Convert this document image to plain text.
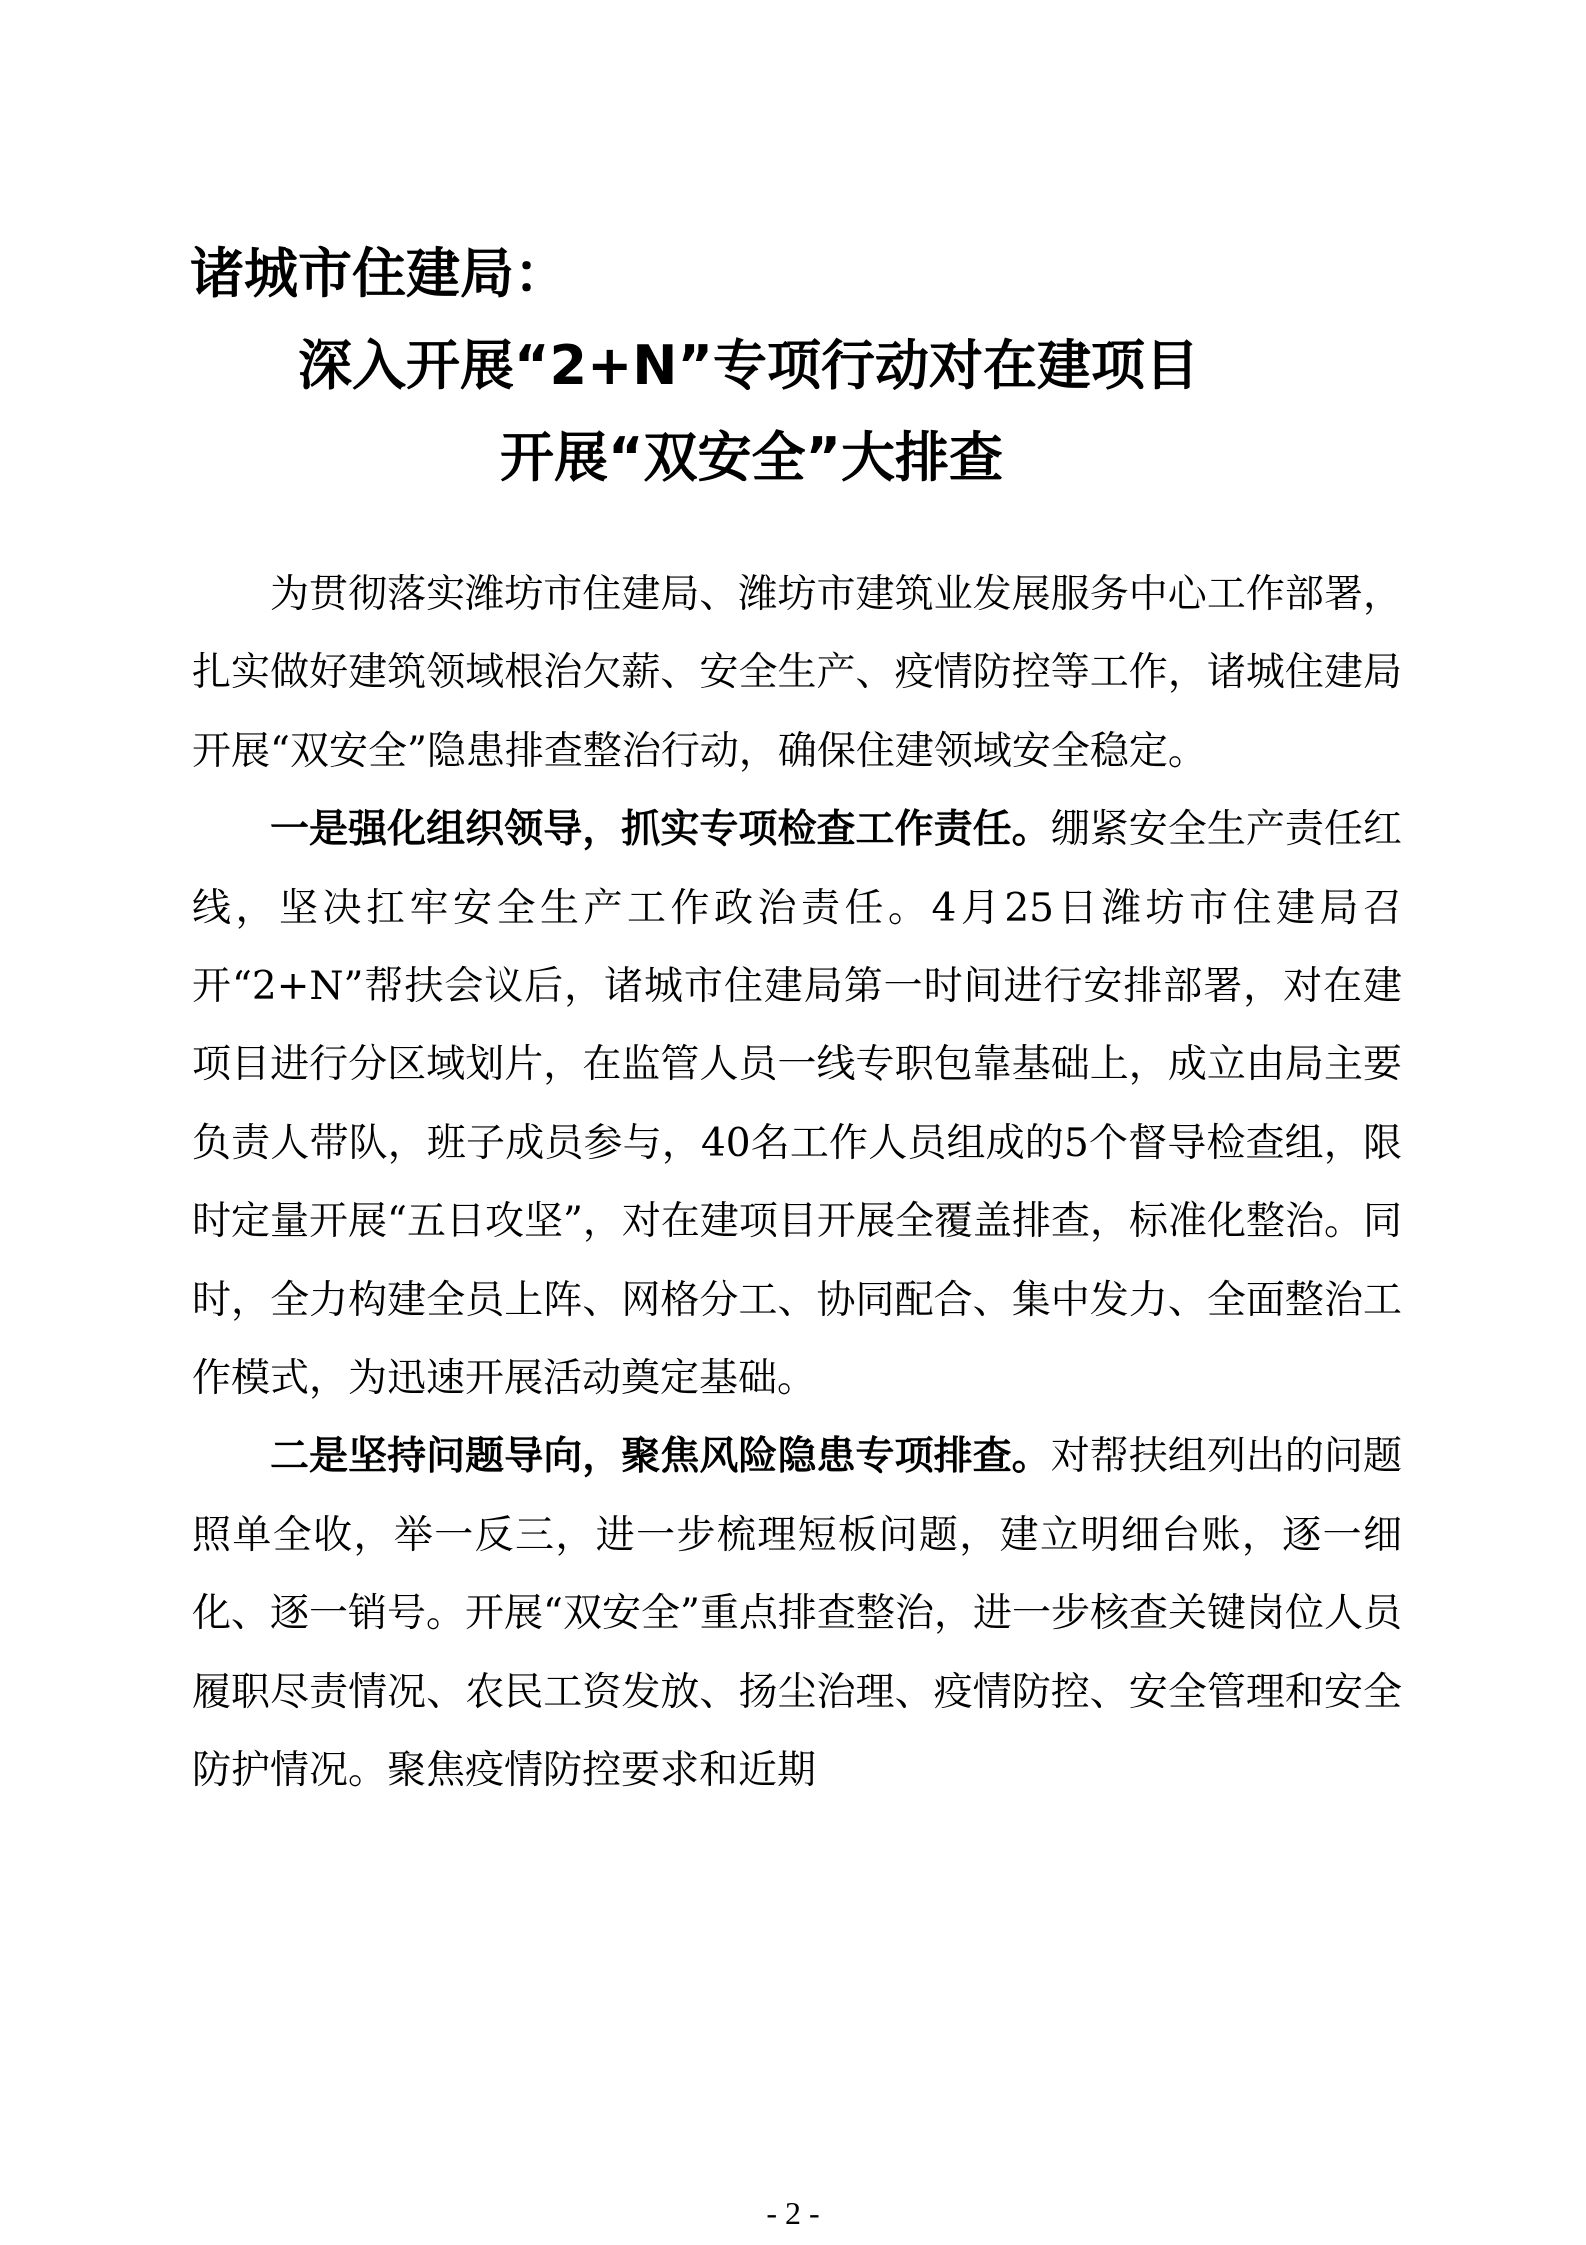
诸城市住建局：
深入开展“2+N”专项行动对在建项目
开展“双安全”大排查

为贯彻落实潍坊市住建局、潍坊市建筑业发展服务中心工作部署，扎实做好建筑领域根治欠薪、安全生产、疫情防控等工作，诸城住建局开展“双安全”隐患排查整治行动，确保住建领域安全稳定。

一是强化组织领导，抓实专项检查工作责任。绷紧安全生产责任红线，坚决扛牢安全生产工作政治责任。4月25日潍坊市住建局召开“2+N”帮扶会议后，诸城市住建局第一时间进行安排部署，对在建项目进行分区域划片，在监管人员一线专职包靠基础上，成立由局主要负责人带队，班子成员参与，40名工作人员组成的5个督导检查组，限时定量开展“五日攻坚”，对在建项目开展全覆盖排查，标准化整治。同时，全力构建全员上阵、网格分工、协同配合、集中发力、全面整治工作模式，为迅速开展活动奠定基础。

二是坚持问题导向，聚焦风险隐患专项排查。对帮扶组列出的问题照单全收，举一反三，进一步梳理短板问题，建立明细台账，逐一细化、逐一销号。开展“双安全”重点排查整治，进一步核查关键岗位人员履职尽责情况、农民工资发放、扬尘治理、疫情防控、安全管理和安全防护情况。聚焦疫情防控要求和近期

- 2 -
